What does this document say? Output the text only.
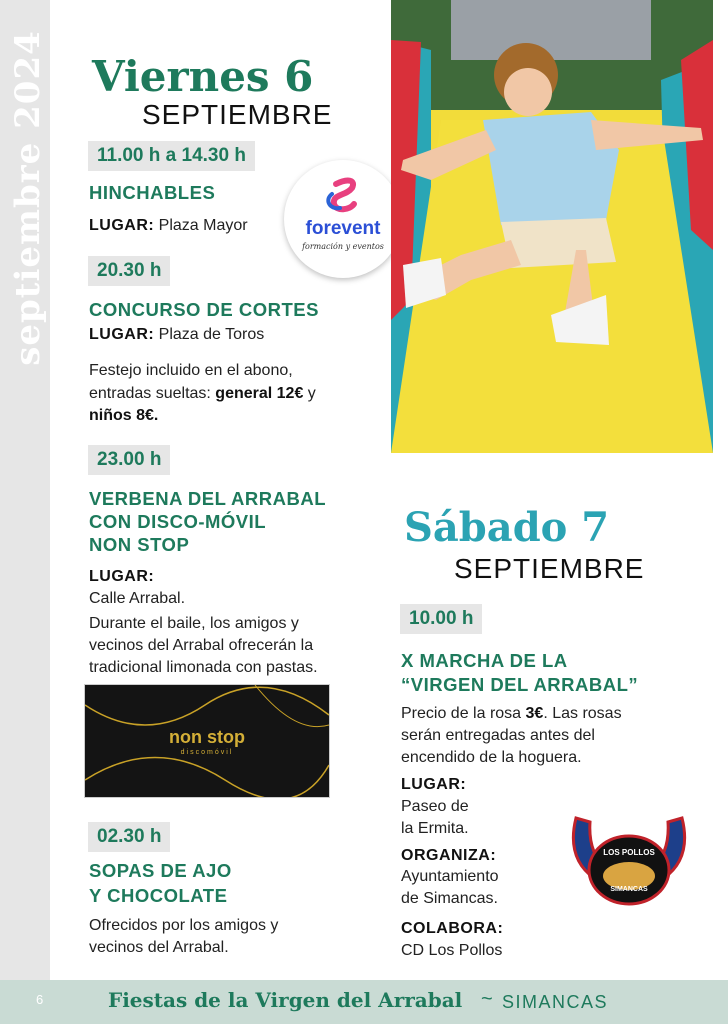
septiembre 2024 Viernes 6
SEPTIEMBRE
11.00 h a 14.30 h
HINCHABLES
LUGAR: Plaza Mayor	forevent
formación y eventos
20.30 h
CONCURSO DE CORTES
LUGAR: Plaza de Toros
Festejo incluido en el abono,
entradas sueltas: general 12€ y
niños 8€.
23.00 h
VERBENA DEL ARRABAL
CON DISCO-MÓVIL
NON STOP
LUGAR:
Calle Arrabal.
Durante el baile, los amigos y
vecinos del Arrabal ofrecerán la
tradicional limonada con pastas.
non stop
discomóvil
02.30 h
SOPAS DE AJO
Y CHOCOLATE
Ofrecidos por los amigos y
vecinos del Arrabal.
Sábado 7
SEPTIEMBRE
10.00 h
X MARCHA DE LA
“VIRGEN DEL ARRABAL”
Precio de la rosa 3€. Las rosas
serán entregadas antes del
encendido de la hoguera.
LUGAR:
Paseo de
la Ermita.
ORGANIZA:
Ayuntamiento
de Simancas.
COLABORA:
CD Los Pollos
LOS POLLOS
SIMANCAS
6	Fiestas de la Virgen del Arrabal ~ SIMANCAS
